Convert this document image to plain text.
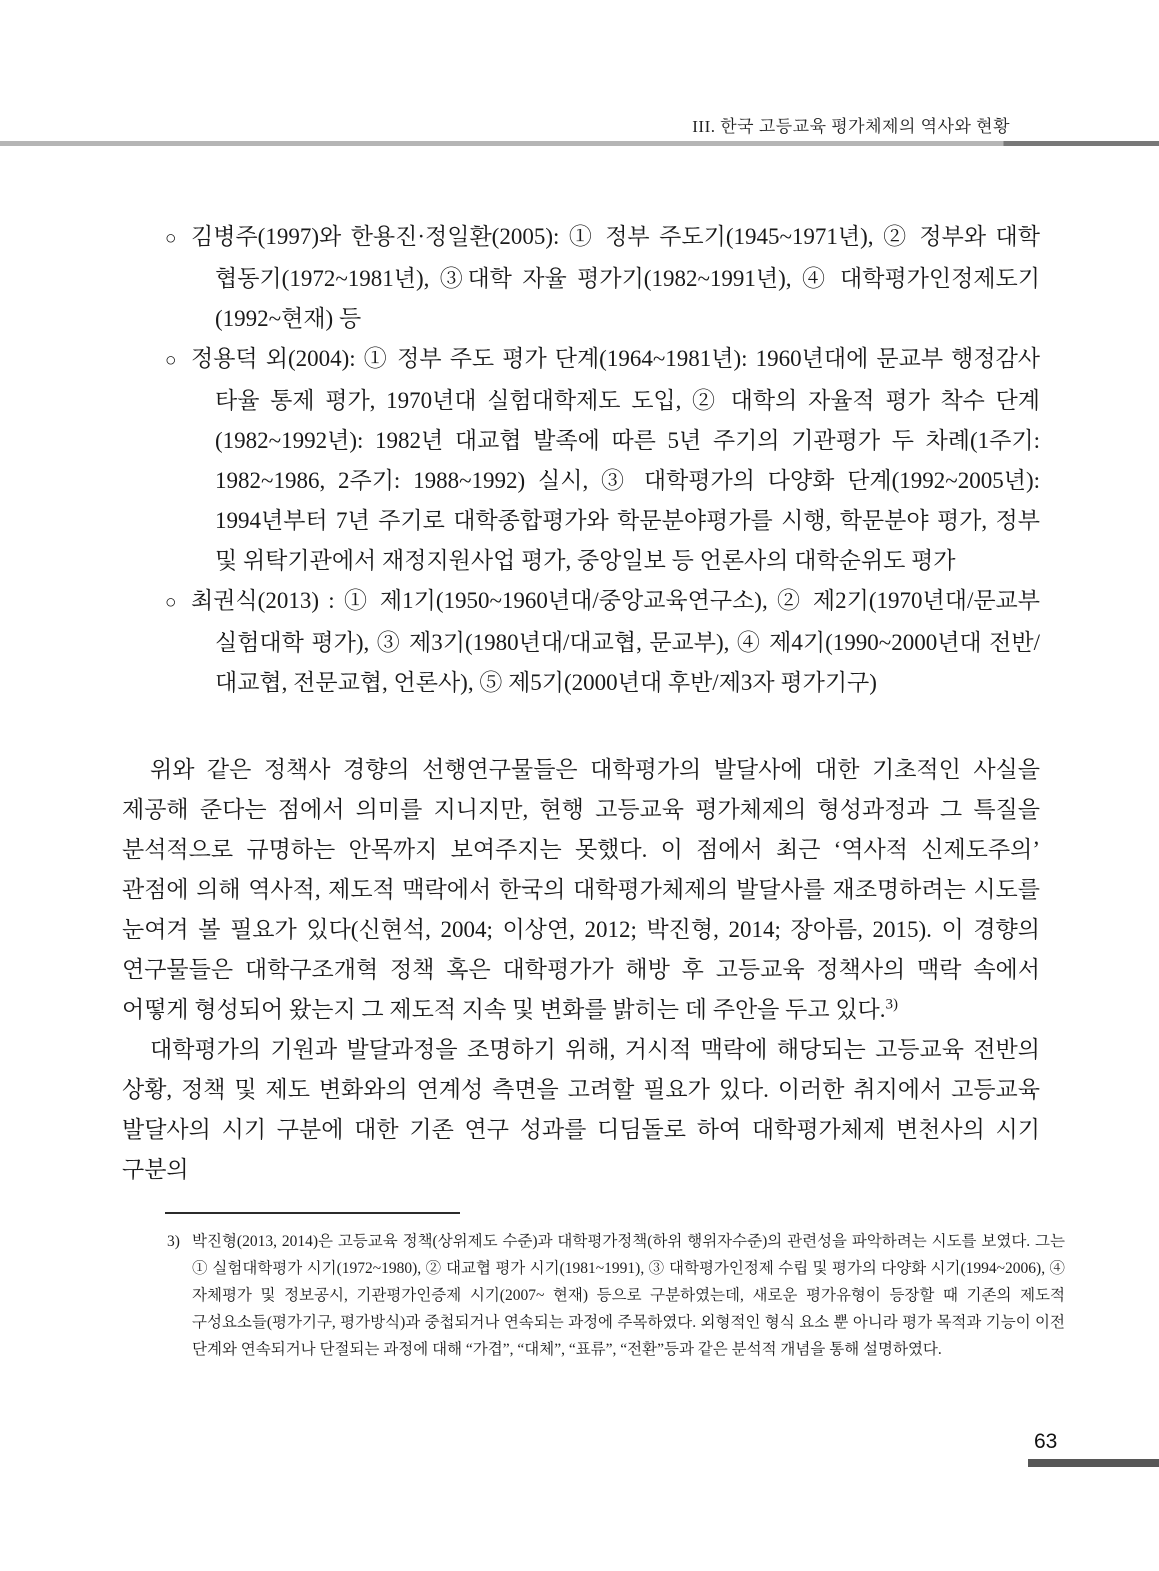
III. 한국 고등교육 평가체제의 역사와 현황
○ 김병주(1997)와 한용진·정일환(2005): ① 정부 주도기(1945~1971년), ② 정부와 대학 협동기(1972~1981년), ③대학 자율 평가기(1982~1991년), ④ 대학평가인정제도기 (1992~현재) 등
○ 정용덕 외(2004): ① 정부 주도 평가 단계(1964~1981년): 1960년대에 문교부 행정감사 타율 통제 평가, 1970년대 실험대학제도 도입, ② 대학의 자율적 평가 착수 단계 (1982~1992년): 1982년 대교협 발족에 따른 5년 주기의 기관평가 두 차례(1주기: 1982~1986, 2주기: 1988~1992) 실시, ③ 대학평가의 다양화 단계(1992~2005년): 1994년부터 7년 주기로 대학종합평가와 학문분야평가를 시행, 학문분야 평가, 정부 및 위탁기관에서 재정지원사업 평가, 중앙일보 등 언론사의 대학순위도 평가
○ 최권식(2013) : ① 제1기(1950~1960년대/중앙교육연구소), ② 제2기(1970년대/문교부 실험대학 평가), ③ 제3기(1980년대/대교협, 문교부), ④ 제4기(1990~2000년대 전반/ 대교협, 전문교협, 언론사), ⑤ 제5기(2000년대 후반/제3자 평가기구)
위와 같은 정책사 경향의 선행연구물들은 대학평가의 발달사에 대한 기초적인 사실을 제공해 준다는 점에서 의미를 지니지만, 현행 고등교육 평가체제의 형성과정과 그 특질을 분석적으로 규명하는 안목까지 보여주지는 못했다. 이 점에서 최근 ‘역사적 신제도주의’ 관점에 의해 역사적, 제도적 맥락에서 한국의 대학평가체제의 발달사를 재조명하려는 시도를 눈여겨 볼 필요가 있다(신현석, 2004; 이상연, 2012; 박진형, 2014; 장아름, 2015). 이 경향의 연구물들은 대학구조개혁 정책 혹은 대학평가가 해방 후 고등교육 정책사의 맥락 속에서 어떻게 형성되어 왔는지 그 제도적 지속 및 변화를 밝히는 데 주안을 두고 있다.$^{3)}$
대학평가의 기원과 발달과정을 조명하기 위해, 거시적 맥락에 해당되는 고등교육 전반의 상황, 정책 및 제도 변화와의 연계성 측면을 고려할 필요가 있다. 이러한 취지에서 고등교육 발달사의 시기 구분에 대한 기존 연구 성과를 디딤돌로 하여 대학평가체제 변천사의 시기 구분의
3) 박진형(2013, 2014)은 고등교육 정책(상위제도 수준)과 대학평가정책(하위 행위자수준)의 관련성을 파악하려는 시도를 보였다. 그는 ① 실험대학평가 시기(1972~1980), ② 대교협 평가 시기(1981~1991), ③ 대학평가인정제 수립 및 평가의 다양화 시기(1994~2006), ④ 자체평가 및 정보공시, 기관평가인증제 시기(2007~ 현재) 등으로 구분하였는데, 새로운 평가유형이 등장할 때 기존의 제도적 구성요소들(평가기구, 평가방식)과 중첩되거나 연속되는 과정에 주목하였다. 외형적인 형식 요소 뿐 아니라 평가 목적과 기능이 이전 단계와 연속되거나 단절되는 과정에 대해 “가겹”, “대체”, “표류”, “전환”등과 같은 분석적 개념을 통해 설명하였다.
63
